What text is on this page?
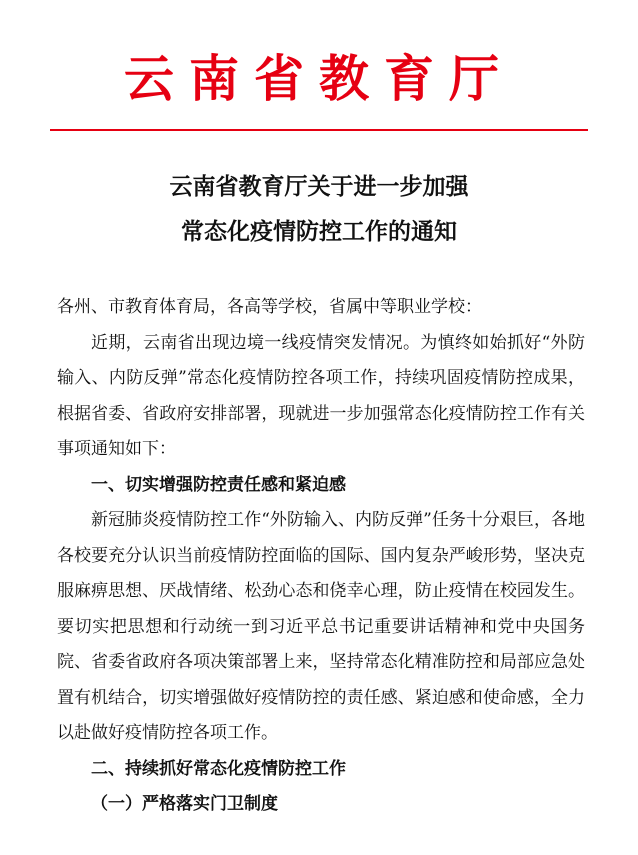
云南省教育厅
云南省教育厅关于进一步加强
常态化疫情防控工作的通知

各州、市教育体育局，各高等学校，省属中等职业学校：

近期，云南省出现边境一线疫情突发情况。为慎终如始抓好“外防输入、内防反弹”常态化疫情防控各项工作，持续巩固疫情防控成果，根据省委、省政府安排部署，现就进一步加强常态化疫情防控工作有关事项通知如下：

一、切实增强防控责任感和紧迫感

新冠肺炎疫情防控工作“外防输入、内防反弹”任务十分艰巨，各地各校要充分认识当前疫情防控面临的国际、国内复杂严峻形势，坚决克服麻痹思想、厌战情绪、松劲心态和侥幸心理，防止疫情在校园发生。要切实把思想和行动统一到习近平总书记重要讲话精神和党中央国务院、省委省政府各项决策部署上来，坚持常态化精准防控和局部应急处置有机结合，切实增强做好疫情防控的责任感、紧迫感和使命感，全力以赴做好疫情防控各项工作。

二、持续抓好常态化疫情防控工作

（一）严格落实门卫制度
